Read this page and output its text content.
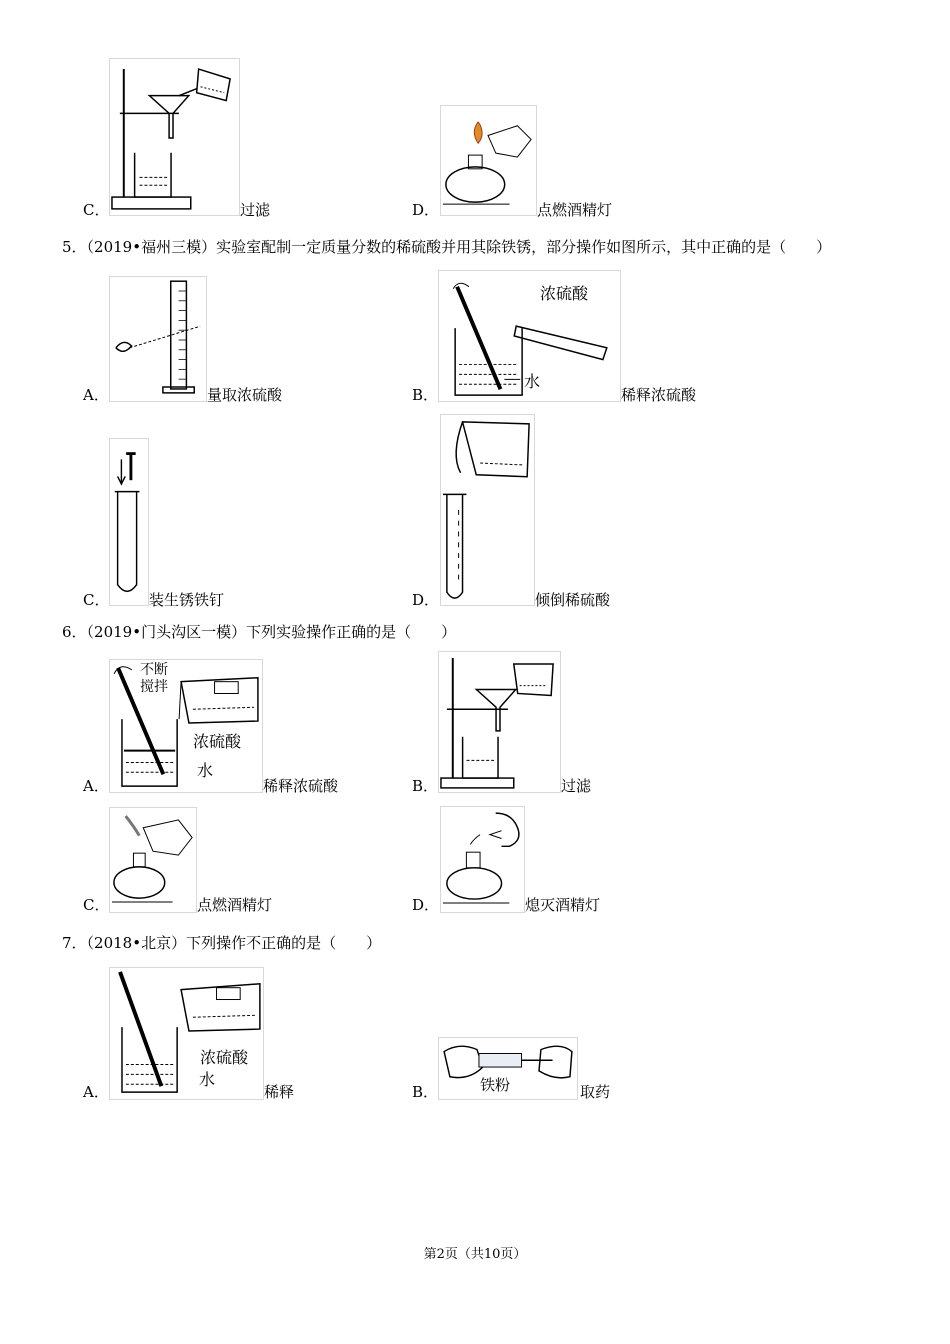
C．	过滤	D．	点燃酒精灯
5．（2019•福州三模）实验室配制一定质量分数的稀硫酸并用其除铁锈，部分操作如图所示，其中正确的是（　　）
A．	量取浓硫酸
浓硫酸
水
B．	稀释浓硫酸
C．	装生锈铁钉	D．	倾倒稀硫酸
6．（2019•门头沟区一模）下列实验操作正确的是（　　）
不断
搅拌
浓硫酸
水
A．	稀释浓硫酸	B．	过滤
C．	点燃酒精灯	D．	熄灭酒精灯
7．（2018•北京）下列操作不正确的是（　　）
浓硫酸
水
A．	稀释	铁粉
B．	取药
第2页（共10页）
